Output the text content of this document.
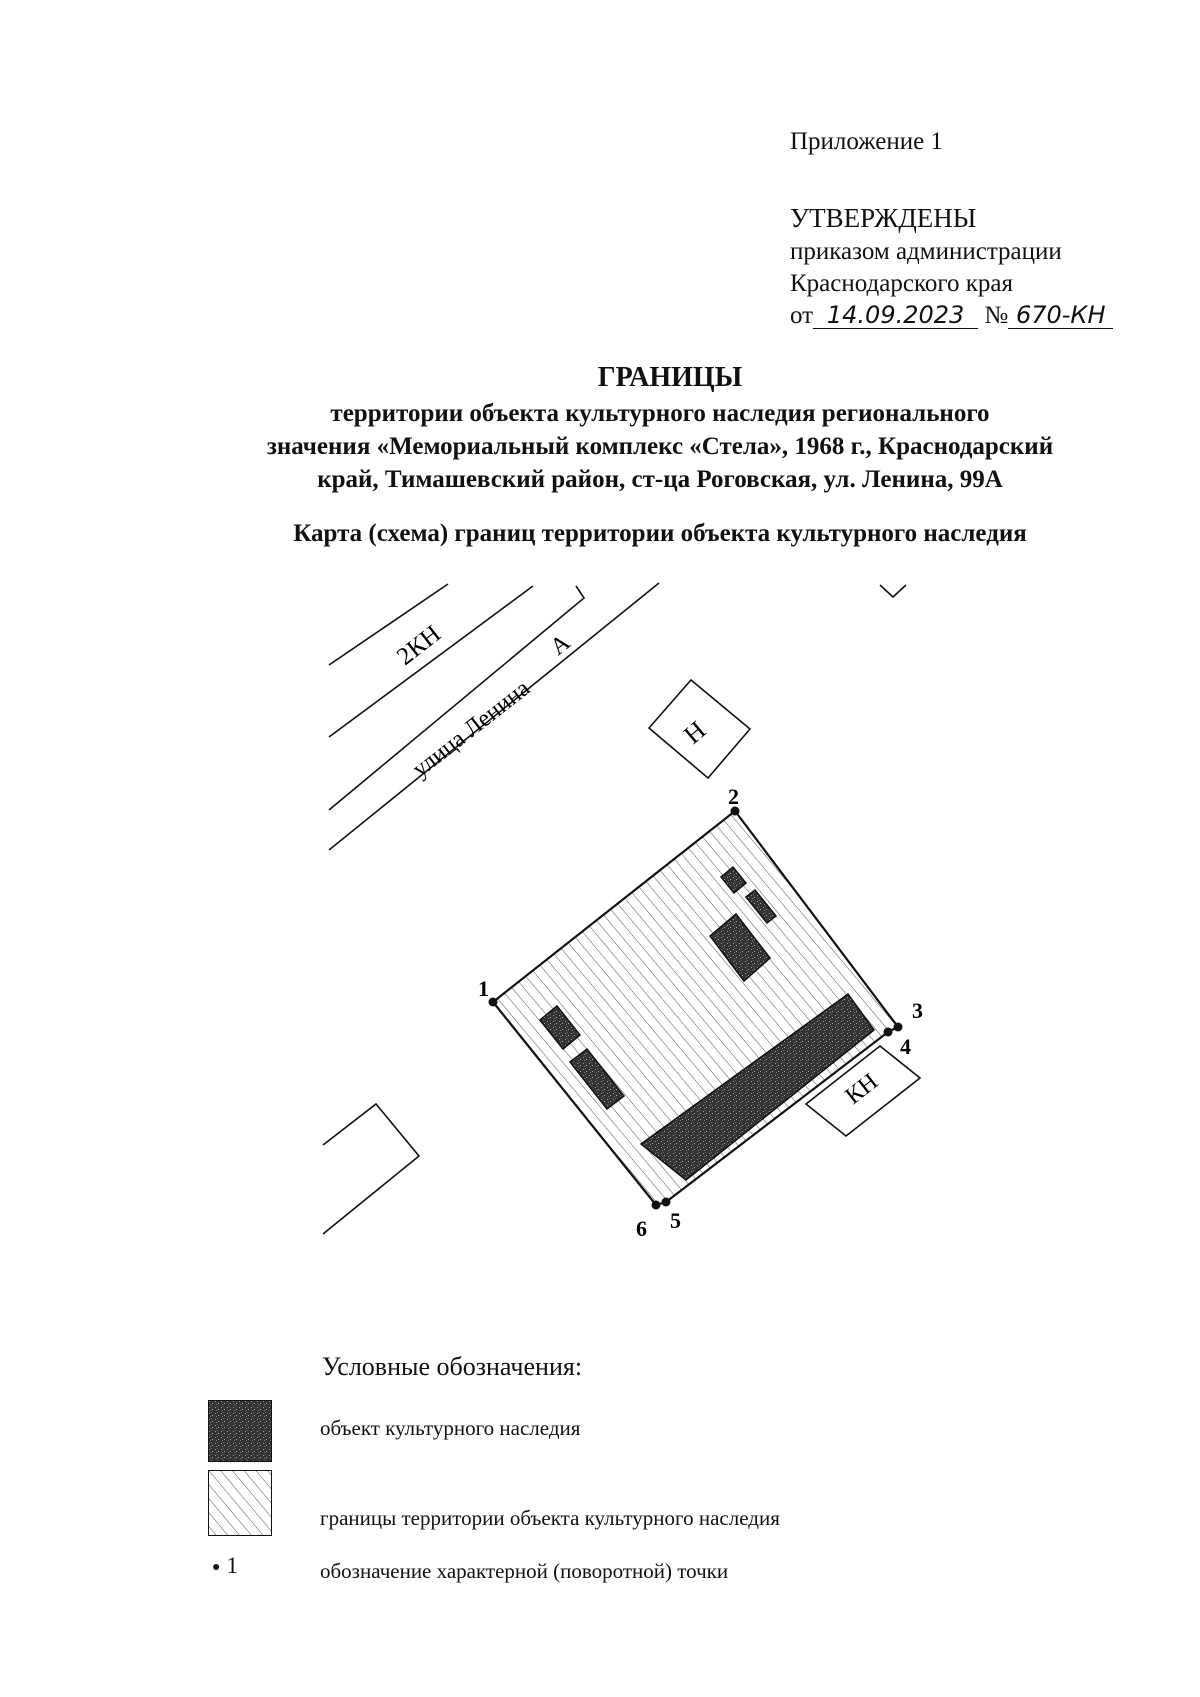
Приложение 1
УТВЕРЖДЕНЫ
приказом администрации
Краснодарского края
от 14.09.2023 № 670-КН
ГРАНИЦЫ
территории объекта культурного наследия регионального
значения «Мемориальный комплекс «Стела», 1968 г., Краснодарский
край, Тимашевский район, ст-ца Роговская, ул. Ленина, 99А
Карта (схема) границ территории объекта культурного наследия
2КН
улица Ленина
А
Н
КН
1
2
3
4
5
6
Условные обозначения:
● 1
объект культурного наследия
границы территории объекта культурного наследия
обозначение характерной (поворотной) точки
